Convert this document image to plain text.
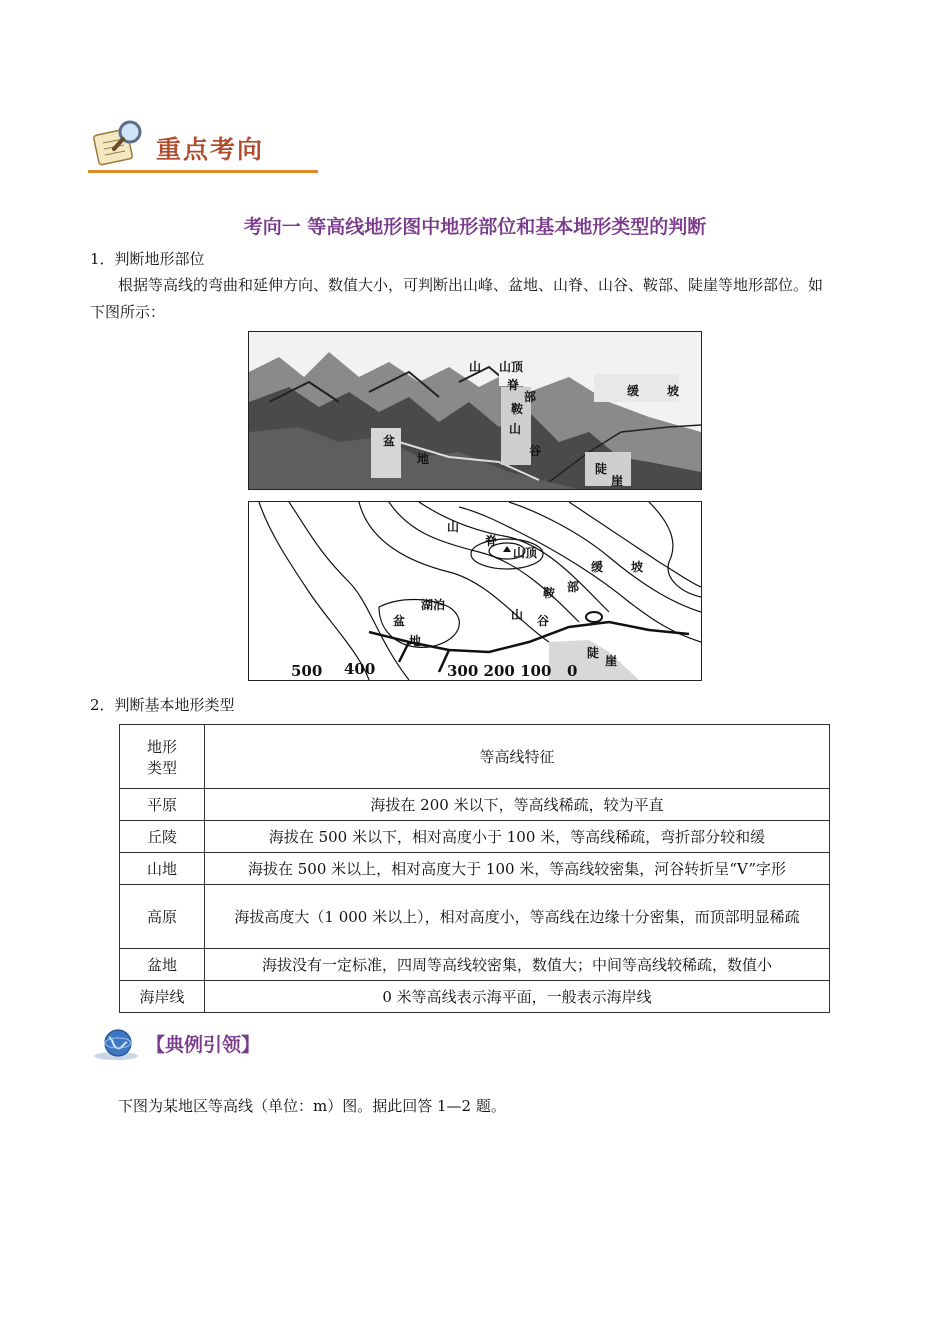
重点考向
考向一 等高线地形图中地形部位和基本地形类型的判断
1．判断地形部位
根据等高线的弯曲和延伸方向、数值大小，可判断出山峰、盆地、山脊、山谷、鞍部、陡崖等地形部位。如
下图所示：
山 山顶
脊
部
鞍
山
谷
盆
地
缓 坡
陡
崖
山
脊
山顶
缓 坡
部
鞍
湖泊
盆	山 谷
地
陡
崖
500 400	300 200 100   0
2．判断基本地形类型
地形
类型	等高线特征
平原	海拔在 200 米以下，等高线稀疏，较为平直
丘陵	海拔在 500 米以下，相对高度小于 100 米，等高线稀疏，弯折部分较和缓
山地	海拔在 500 米以上，相对高度大于 100 米，等高线较密集，河谷转折呈“V”字形
高原	海拔高度大（1 000 米以上），相对高度小，等高线在边缘十分密集，而顶部明显稀疏
盆地	海拔没有一定标准，四周等高线较密集，数值大；中间等高线较稀疏，数值小
海岸线	0 米等高线表示海平面，一般表示海岸线
【典例引领】
下图为某地区等高线（单位：m）图。据此回答 1—2 题。
